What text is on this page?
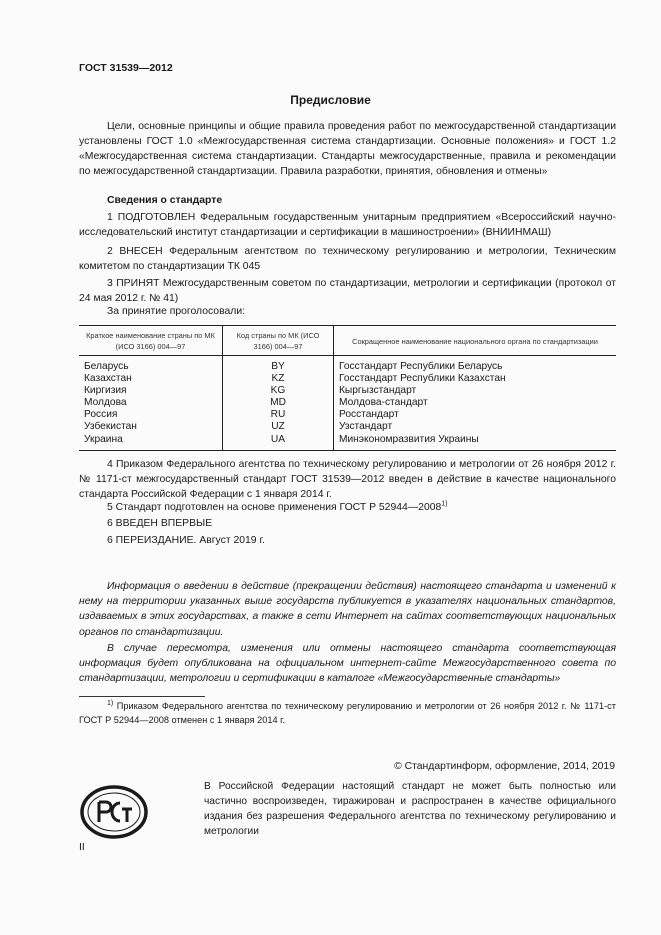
ГОСТ 31539—2012
Предисловие

Цели, основные принципы и общие правила проведения работ по межгосударственной стандартизации установлены ГОСТ 1.0 «Межгосударственная система стандартизации. Основные положения» и ГОСТ 1.2 «Межгосударственная система стандартизации. Стандарты межгосударственные, правила и рекомендации по межгосударственной стандартизации. Правила разработки, принятия, обновления и отмены»

Сведения о стандарте

1 ПОДГОТОВЛЕН Федеральным государственным унитарным предприятием «Всероссийский научно-исследовательский институт стандартизации и сертификации в машиностроении» (ВНИИНМАШ)

2 ВНЕСЕН Федеральным агентством по техническому регулированию и метрологии, Техническим комитетом по стандартизации ТК 045

3 ПРИНЯТ Межгосударственным советом по стандартизации, метрологии и сертификации (протокол от 24 мая 2012 г. № 41)

За принятие проголосовали:

Краткое наименование страны по МК (ИСО 3166) 004—97	Код страны по МК (ИСО 3166) 004—97	Сокращенное наименование национального органа по стандартизации
Беларусь	BY	Госстандарт Республики Беларусь
Казахстан	KZ	Госстандарт Республики Казахстан
Киргизия	KG	Кыргызстандарт
Молдова	MD	Молдова-стандарт
Россия	RU	Росстандарт
Узбекистан	UZ	Узстандарт
Украина	UA	Минэкономразвития Украины

4 Приказом Федерального агентства по техническому регулированию и метрологии от 26 ноября 2012 г. № 1171-ст межгосударственный стандарт ГОСТ 31539—2012 введен в действие в качестве национального стандарта Российской Федерации с 1 января 2014 г.

5 Стандарт подготовлен на основе применения ГОСТ Р 52944—2008$^{1)}$

6 ВВЕДЕН ВПЕРВЫЕ

6 ПЕРЕИЗДАНИЕ. Август 2019 г.

Информация о введении в действие (прекращении действия) настоящего стандарта и изменений к нему на территории указанных выше государств публикуется в указателях национальных стандартов, издаваемых в этих государствах, а также в сети Интернет на сайтах соответствующих национальных органов по стандартизации.

В случае пересмотра, изменения или отмены настоящего стандарта соответствующая информация будет опубликована на официальном интернет-сайте Межгосударственного совета по стандартизации, метрологии и сертификации в каталоге «Межгосударственные стандарты»

$^{1)}$ Приказом Федерального агентства по техническому регулированию и метрологии от 26 ноября 2012 г. № 1171-ст ГОСТ Р 52944—2008 отменен с 1 января 2014 г.

© Стандартинформ, оформление, 2014, 2019

В Российской Федерации настоящий стандарт не может быть полностью или частично воспроизведен, тиражирован и распространен в качестве официального издания без разрешения Федерального агентства по техническому регулированию и метрологии

II
